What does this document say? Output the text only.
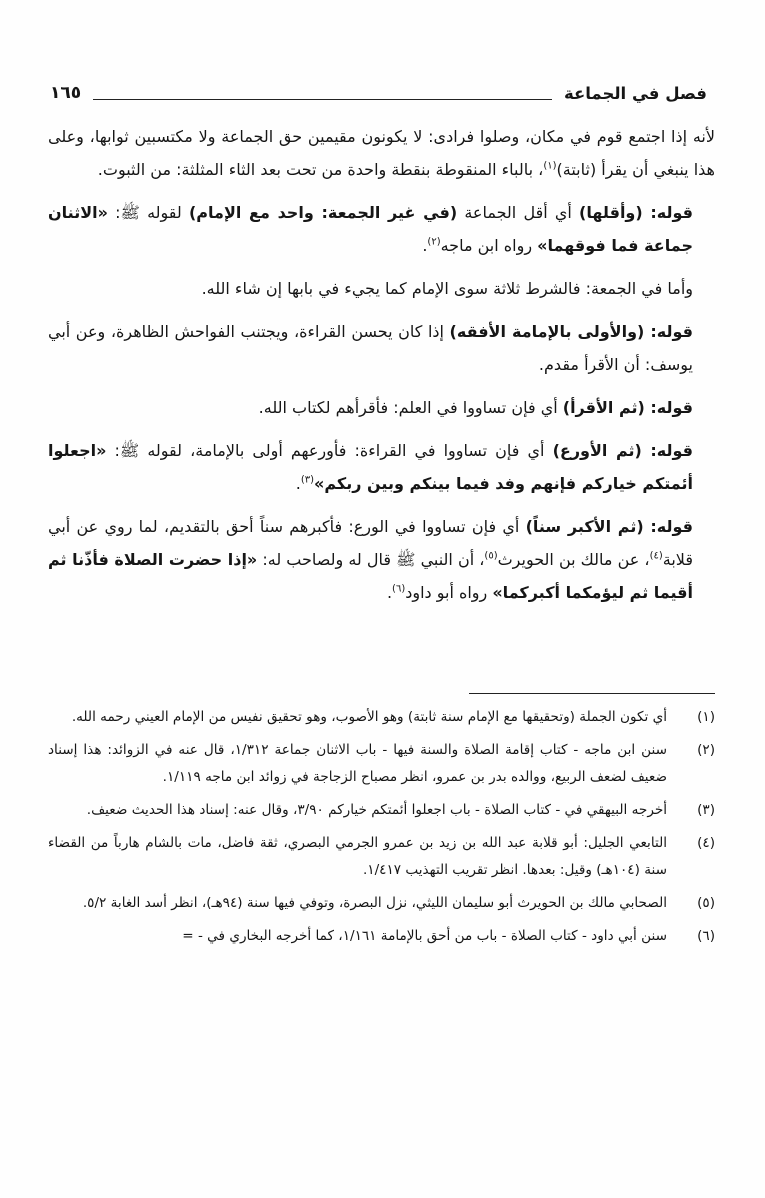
فصل في الجماعة
١٦٥

لأنه إذا اجتمع قوم في مكان، وصلوا فرادى: لا يكونون مقيمين حق الجماعة ولا مكتسبين ثوابها، وعلى هذا ينبغي أن يقرأ (ثابتة)$^{(١)}$، بالباء المنقوطة بنقطة واحدة من تحت بعد الثاء المثلثة: من الثبوت.

قوله: (وأقلها) أي أقل الجماعة (في غير الجمعة: واحد مع الإمام) لقوله ﷺ: «الاثنان جماعة فما فوقهما» رواه ابن ماجه$^{(٢)}$.

وأما في الجمعة: فالشرط ثلاثة سوى الإمام كما يجيء في بابها إن شاء الله.

قوله: (والأولى بالإمامة الأفقه) إذا كان يحسن القراءة، ويجتنب الفواحش الظاهرة، وعن أبي يوسف: أن الأقرأ مقدم.

قوله: (ثم الأقرأ) أي فإن تساووا في العلم: فأقرأهم لكتاب الله.

قوله: (ثم الأورع) أي فإن تساووا في القراءة: فأورعهم أولى بالإمامة، لقوله ﷺ: «اجعلوا أئمتكم خياركم فإنهم وفد فيما بينكم وبين ربكم»$^{(٣)}$.

قوله: (ثم الأكبر سناً) أي فإن تساووا في الورع: فأكبرهم سناً أحق بالتقديم، لما روي عن أبي قلابة$^{(٤)}$، عن مالك بن الحويرث$^{(٥)}$، أن النبي ﷺ قال له ولصاحب له: «إذا حضرت الصلاة فأذّنا ثم أقيما ثم ليؤمكما أكبركما» رواه أبو داود$^{(٦)}$.

(١)
أي تكون الجملة (وتحقيقها مع الإمام سنة ثابتة) وهو الأصوب، وهو تحقيق نفيس من الإمام العيني رحمه الله.
(٢)
سنن ابن ماجه - كتاب إقامة الصلاة والسنة فيها - باب الاثنان جماعة ١/٣١٢، قال عنه في الزوائد: هذا إسناد ضعيف لضعف الربيع، ووالده بدر بن عمرو، انظر مصباح الزجاجة في زوائد ابن ماجه ١/١١٩.
(٣)
أخرجه البيهقي في - كتاب الصلاة - باب اجعلوا أئمتكم خياركم ٣/٩٠، وقال عنه: إسناد هذا الحديث ضعيف.
(٤)
التابعي الجليل: أبو قلابة عبد الله بن زيد بن عمرو الجرمي البصري، ثقة فاضل، مات بالشام هارباً من القضاء سنة (١٠٤هـ) وقيل: بعدها. انظر تقريب التهذيب ١/٤١٧.
(٥)
الصحابي مالك بن الحويرث أبو سليمان الليثي، نزل البصرة، وتوفي فيها سنة (٩٤هـ)، انظر أسد الغابة ٥/٢.
(٦)
سنن أبي داود - كتاب الصلاة - باب من أحق بالإمامة ١/١٦١، كما أخرجه البخاري في - =
